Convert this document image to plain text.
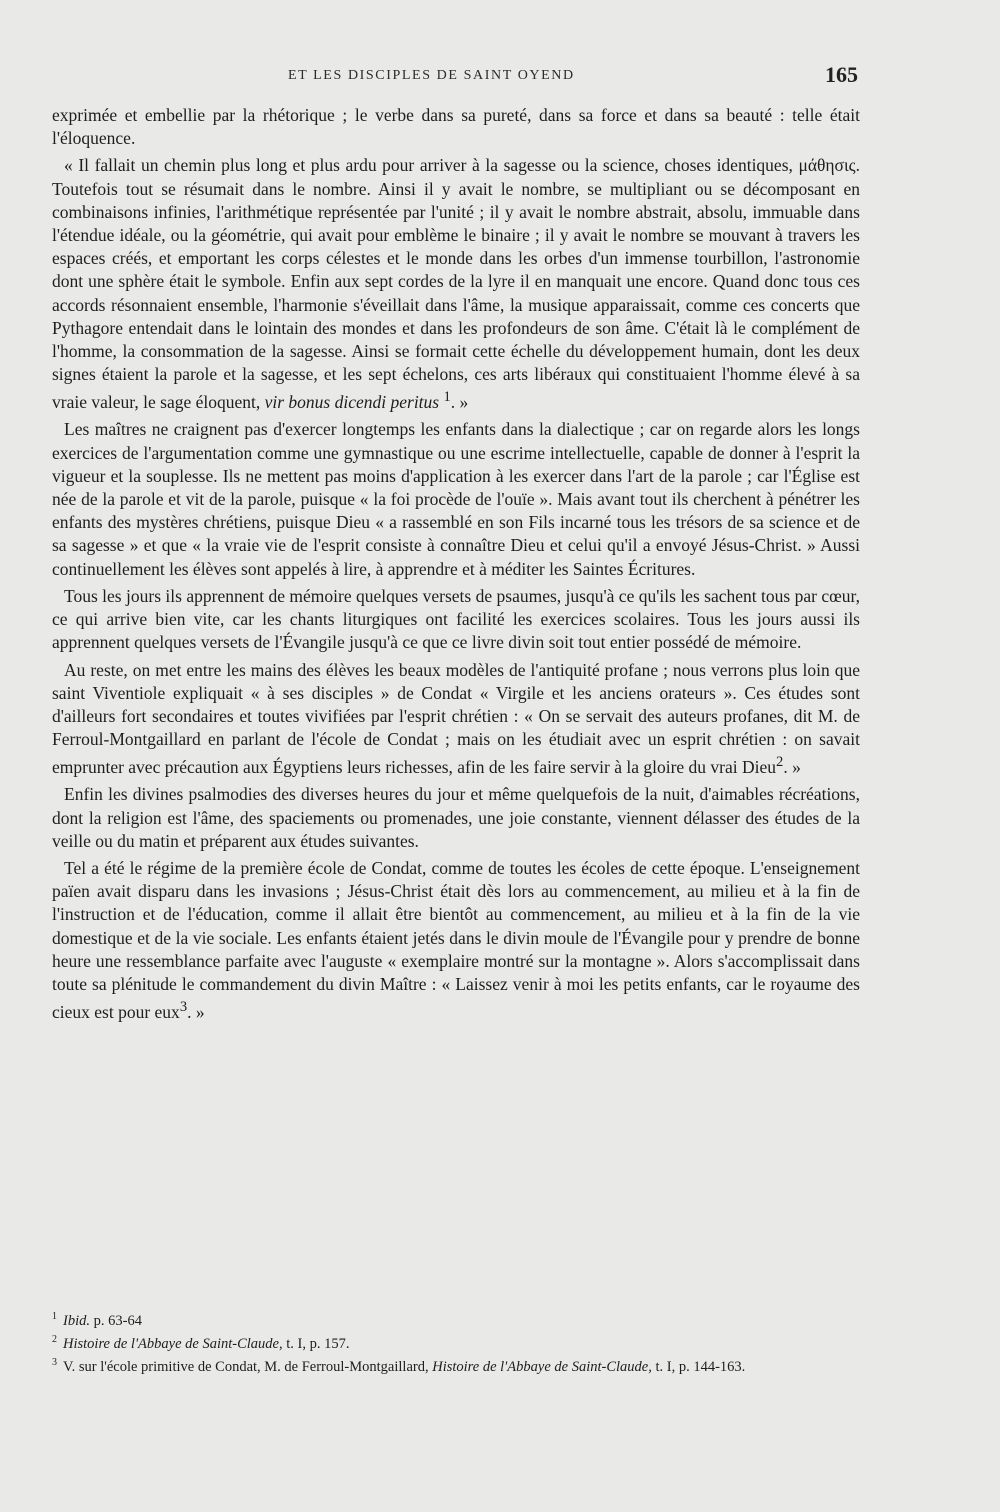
ET LES DISCIPLES DE SAINT OYEND	165

exprimée et embellie par la rhétorique ; le verbe dans sa pureté, dans sa force et dans sa beauté : telle était l'éloquence.

« Il fallait un chemin plus long et plus ardu pour arriver à la sagesse ou la science, choses identiques, μάθησις. Toutefois tout se résumait dans le nombre. Ainsi il y avait le nombre, se multipliant ou se décomposant en combinaisons infinies, l'arithmétique représentée par l'unité ; il y avait le nombre abstrait, absolu, immuable dans l'étendue idéale, ou la géométrie, qui avait pour emblème le binaire ; il y avait le nombre se mouvant à travers les espaces créés, et emportant les corps célestes et le monde dans les orbes d'un immense tourbillon, l'astronomie dont une sphère était le symbole. Enfin aux sept cordes de la lyre il en manquait une encore. Quand donc tous ces accords résonnaient ensemble, l'harmonie s'éveillait dans l'âme, la musique apparaissait, comme ces concerts que Pythagore entendait dans le lointain des mondes et dans les profondeurs de son âme. C'était là le complément de l'homme, la consommation de la sagesse. Ainsi se formait cette échelle du développement humain, dont les deux signes étaient la parole et la sagesse, et les sept échelons, ces arts libéraux qui constituaient l'homme élevé à sa vraie valeur, le sage éloquent, vir bonus dicendi peritus $^1$. »

Les maîtres ne craignent pas d'exercer longtemps les enfants dans la dialectique ; car on regarde alors les longs exercices de l'argumentation comme une gymnastique ou une escrime intellectuelle, capable de donner à l'esprit la vigueur et la souplesse. Ils ne mettent pas moins d'application à les exercer dans l'art de la parole ; car l'Église est née de la parole et vit de la parole, puisque « la foi procède de l'ouïe ». Mais avant tout ils cherchent à pénétrer les enfants des mystères chrétiens, puisque Dieu « a rassemblé en son Fils incarné tous les trésors de sa science et de sa sagesse » et que « la vraie vie de l'esprit consiste à connaître Dieu et celui qu'il a envoyé Jésus-Christ. » Aussi continuellement les élèves sont appelés à lire, à apprendre et à méditer les Saintes Écritures.

Tous les jours ils apprennent de mémoire quelques versets de psaumes, jusqu'à ce qu'ils les sachent tous par cœur, ce qui arrive bien vite, car les chants liturgiques ont facilité les exercices scolaires. Tous les jours aussi ils apprennent quelques versets de l'Évangile jusqu'à ce que ce livre divin soit tout entier possédé de mémoire.

Au reste, on met entre les mains des élèves les beaux modèles de l'antiquité profane ; nous verrons plus loin que saint Viventiole expliquait « à ses disciples » de Condat « Virgile et les anciens orateurs ». Ces études sont d'ailleurs fort secondaires et toutes vivifiées par l'esprit chrétien : « On se servait des auteurs profanes, dit M. de Ferroul-Montgaillard en parlant de l'école de Condat ; mais on les étudiait avec un esprit chrétien : on savait emprunter avec précaution aux Égyptiens leurs richesses, afin de les faire servir à la gloire du vrai Dieu$^2$. »

Enfin les divines psalmodies des diverses heures du jour et même quelquefois de la nuit, d'aimables récréations, dont la religion est l'âme, des spaciements ou promenades, une joie constante, viennent délasser des études de la veille ou du matin et préparent aux études suivantes.

Tel a été le régime de la première école de Condat, comme de toutes les écoles de cette époque. L'enseignement païen avait disparu dans les invasions ; Jésus-Christ était dès lors au commencement, au milieu et à la fin de l'instruction et de l'éducation, comme il allait être bientôt au commencement, au milieu et à la fin de la vie domestique et de la vie sociale. Les enfants étaient jetés dans le divin moule de l'Évangile pour y prendre de bonne heure une ressemblance parfaite avec l'auguste « exemplaire montré sur la montagne ». Alors s'accomplissait dans toute sa plénitude le commandement du divin Maître : « Laissez venir à moi les petits enfants, car le royaume des cieux est pour eux$^3$. »

$^1$ Ibid. p. 63-64
$^2$ Histoire de l'Abbaye de Saint-Claude, t. I, p. 157.
$^3$ V. sur l'école primitive de Condat, M. de Ferroul-Montgaillard, Histoire de l'Abbaye de Saint-Claude, t. I, p. 144-163.
